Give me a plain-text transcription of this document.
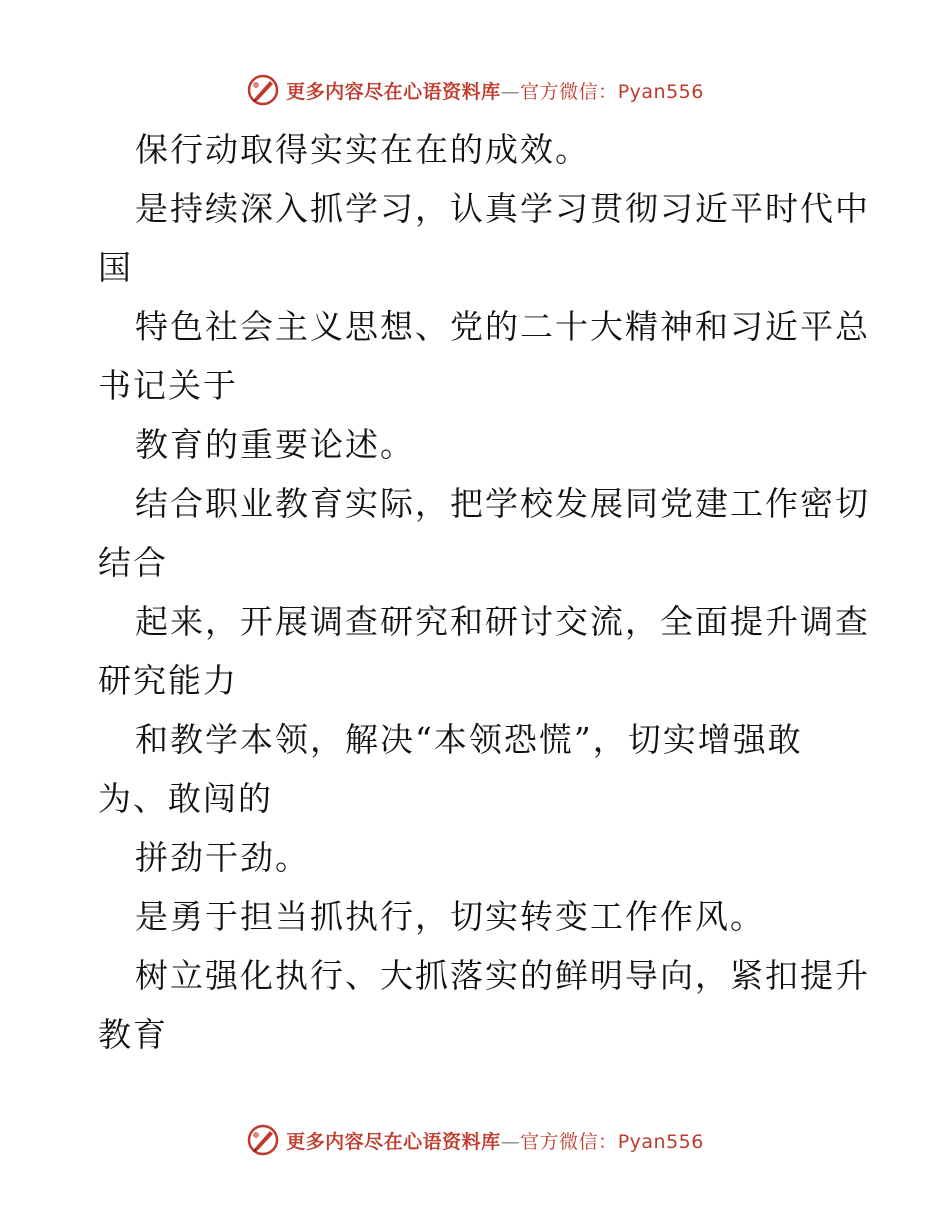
更多内容尽在心语资料库—官方微信：Pyan556

保行动取得实实在在的成效。

是持续深入抓学习，认真学习贯彻习近平时代中

国

特色社会主义思想、党的二十大精神和习近平总

书记关于

教育的重要论述。

结合职业教育实际，把学校发展同党建工作密切

结合

起来，开展调查研究和研讨交流，全面提升调查

研究能力

和教学本领，解决“本领恐慌”，切实增强敢

为、敢闯的

拼劲干劲。

是勇于担当抓执行，切实转变工作作风。

树立强化执行、大抓落实的鲜明导向，紧扣提升

教育

更多内容尽在心语资料库—官方微信：Pyan556
